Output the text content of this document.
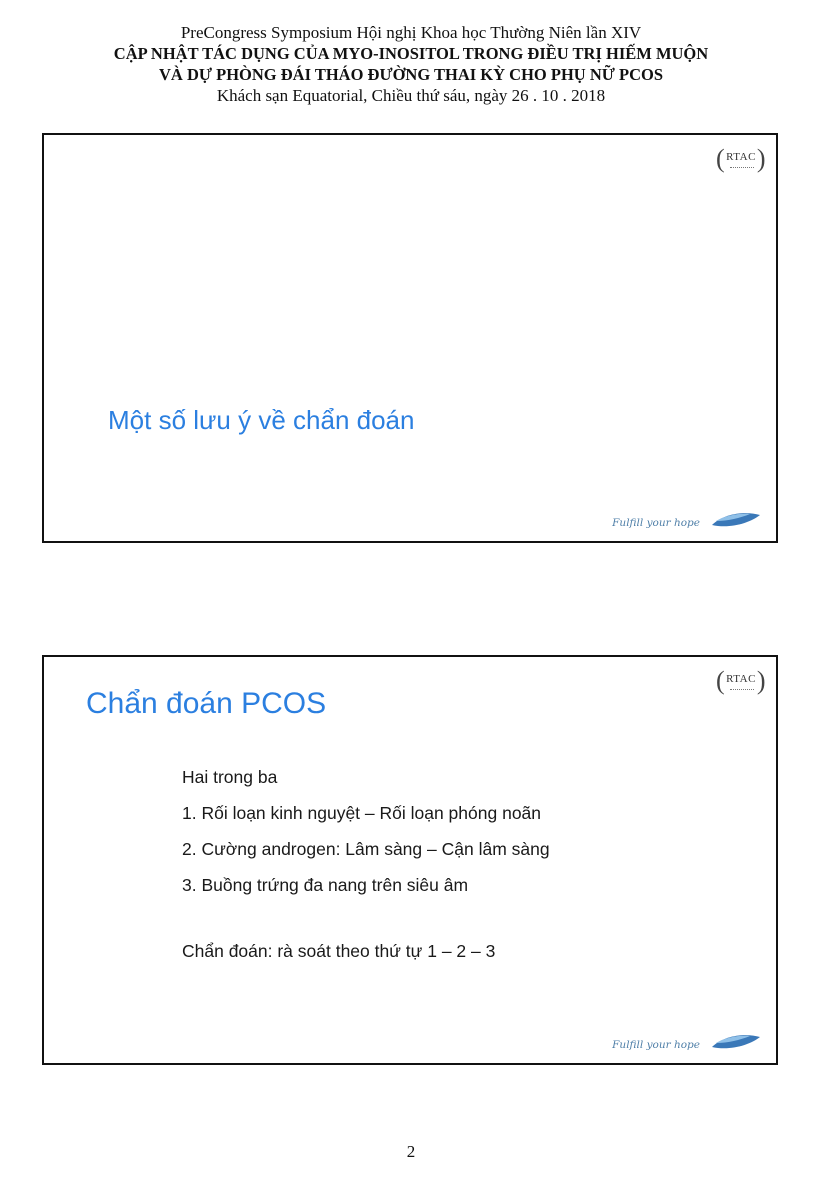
PreCongress Symposium Hội nghị Khoa học Thường Niên lần XIV
CẬP NHẬT TÁC DỤNG CỦA MYO-INOSITOL TRONG ĐIỀU TRỊ HIẾM MUỘN
VÀ DỰ PHÒNG ĐÁI THÁO ĐƯỜNG THAI KỲ CHO PHỤ NỮ PCOS
Khách sạn Equatorial, Chiều thứ sáu, ngày 26 . 10 . 2018
( RTAC )
Một số lưu ý về chẩn đoán
Fulfill your hope
( RTAC )
Chẩn đoán PCOS
Hai trong ba
1. Rối loạn kinh nguyệt – Rối loạn phóng noãn
2. Cường androgen: Lâm sàng – Cận lâm sàng
3. Buồng trứng đa nang trên siêu âm
Chẩn đoán: rà soát theo thứ tự 1 – 2 – 3
Fulfill your hope
2
